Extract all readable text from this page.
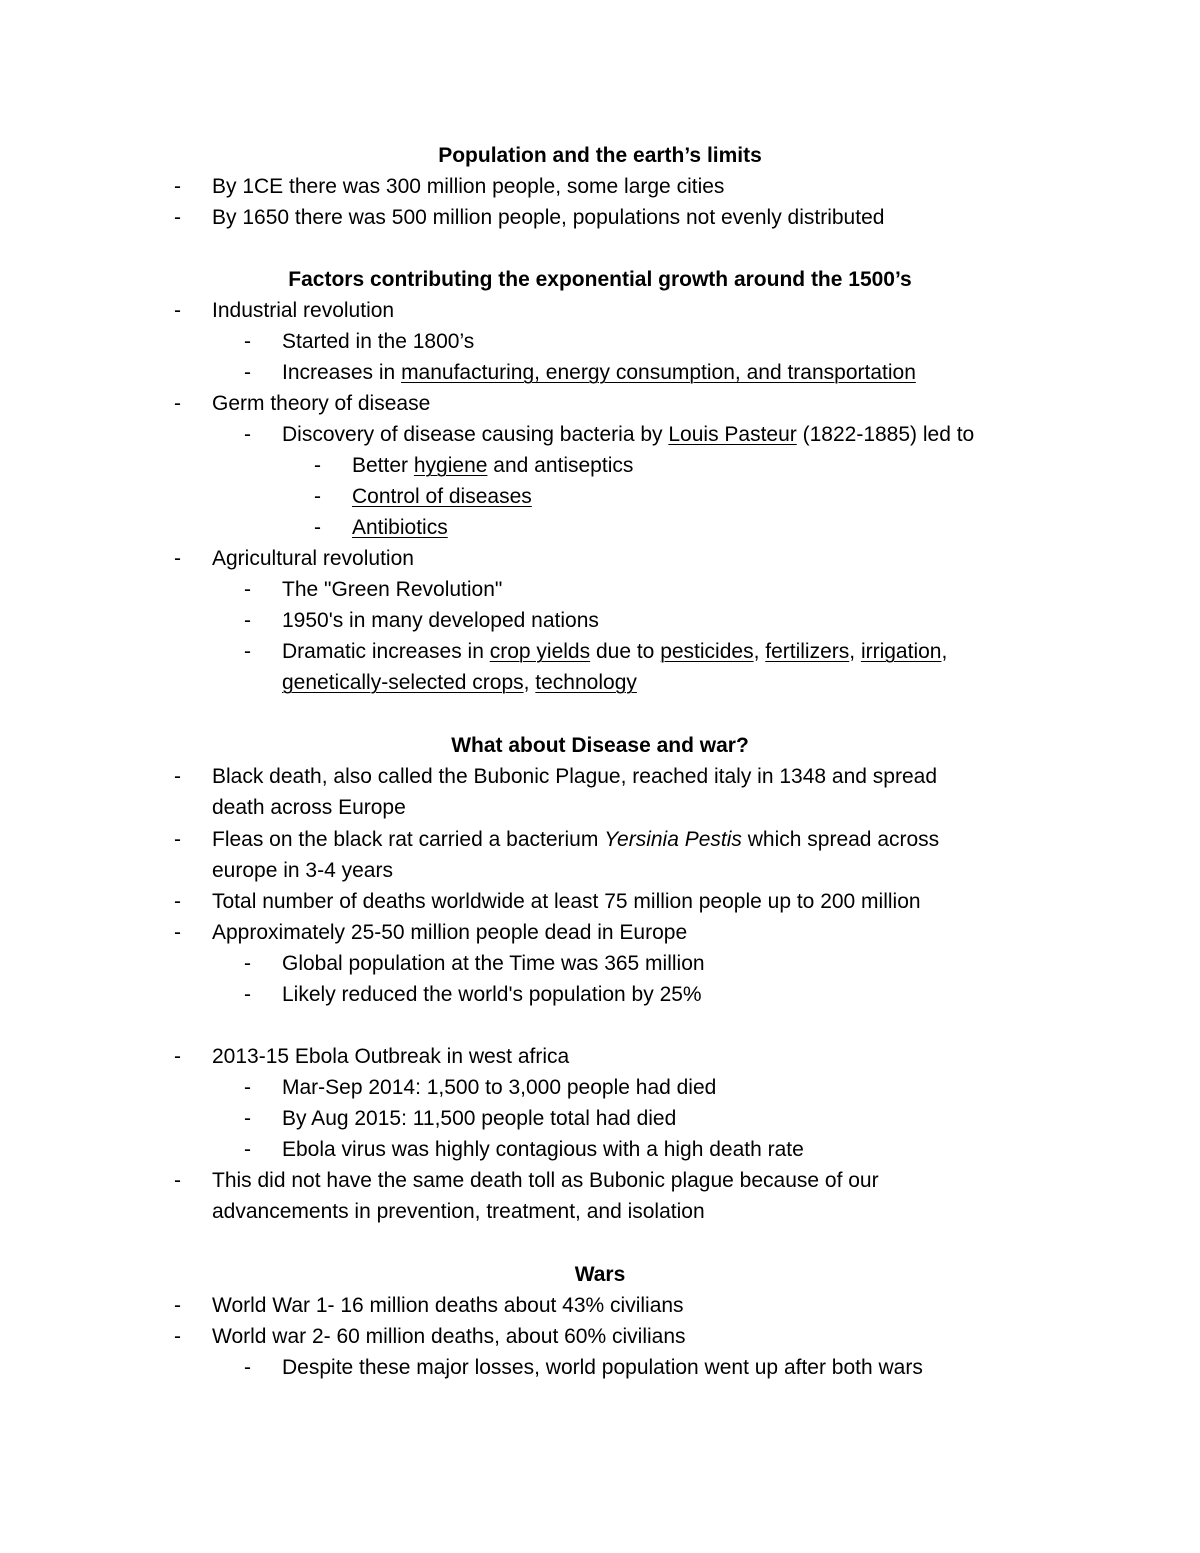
Population and the earth’s limits
- By 1CE there was 300 million people, some large cities
- By 1650 there was 500 million people, populations not evenly distributed
Factors contributing the exponential growth around the 1500’s
- Industrial revolution
- Started in the 1800’s
- Increases in manufacturing, energy consumption, and transportation
- Germ theory of disease
- Discovery of disease causing bacteria by Louis Pasteur (1822-1885) led to
- Better hygiene and antiseptics
- Control of diseases
- Antibiotics
- Agricultural revolution
- The "Green Revolution"
- 1950's in many developed nations
- Dramatic increases in crop yields due to pesticides, fertilizers, irrigation,
genetically-selected crops, technology
What about Disease and war?
- Black death, also called the Bubonic Plague, reached italy in 1348 and spread
death across Europe
- Fleas on the black rat carried a bacterium Yersinia Pestis which spread across
europe in 3-4 years
- Total number of deaths worldwide at least 75 million people up to 200 million
- Approximately 25-50 million people dead in Europe
- Global population at the Time was 365 million
- Likely reduced the world's population by 25%
- 2013-15 Ebola Outbreak in west africa
- Mar-Sep 2014: 1,500 to 3,000 people had died
- By Aug 2015: 11,500 people total had died
- Ebola virus was highly contagious with a high death rate
- This did not have the same death toll as Bubonic plague because of our
advancements in prevention, treatment, and isolation
Wars
- World War 1- 16 million deaths about 43% civilians
- World war 2- 60 million deaths, about 60% civilians
- Despite these major losses, world population went up after both wars
